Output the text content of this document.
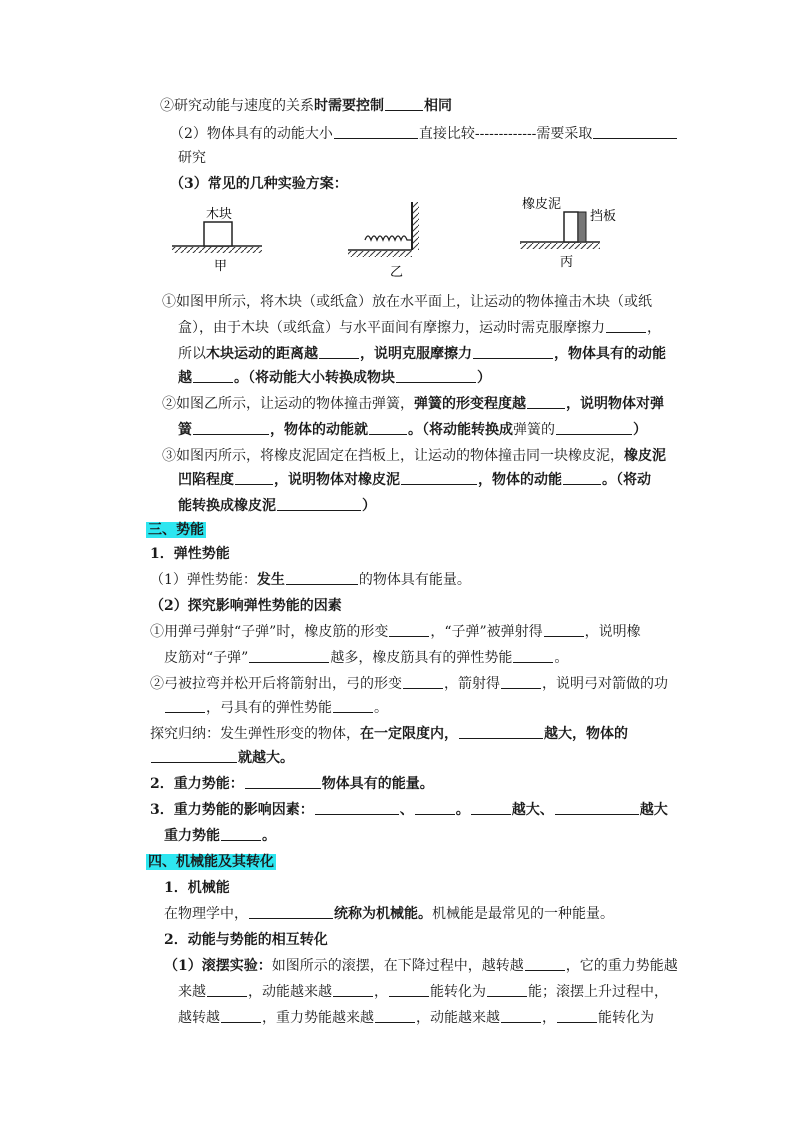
②研究动能与速度的关系时需要控制	相同
（2）物体具有的动能大小	直接比较-------------需要采取
研究
（3）常见的几种实验方案：
木块
甲	乙
橡皮泥
挡板
丙
①如图甲所示，将木块（或纸盒）放在水平面上，让运动的物体撞击木块（或纸
盒），由于木块（或纸盒）与水平面间有摩擦力，运动时需克服摩擦力	，
所以木块运动的距离越	，说明克服摩擦力	，物体具有的动能
越	。（将动能大小转换成物块	）
②如图乙所示，让运动的物体撞击弹簧，弹簧的形变程度越	，说明物体对弹
簧	，物体的动能就	。（将动能转换成弹簧的	）
③如图丙所示，将橡皮泥固定在挡板上，让运动的物体撞击同一块橡皮泥，橡皮泥
凹陷程度	，说明物体对橡皮泥	，物体的动能	。（将动
能转换成橡皮泥	）
三、势能
1．弹性势能
（1）弹性势能：发生	的物体具有能量。
（2）探究影响弹性势能的因素
①用弹弓弹射“子弹”时，橡皮筋的形变	，“子弹”被弹射得	，说明橡
皮筋对“子弹”	越多，橡皮筋具有的弹性势能	。
②弓被拉弯并松开后将箭射出，弓的形变	，箭射得	，说明弓对箭做的功
，弓具有的弹性势能	。
探究归纳：发生弹性形变的物体，在一定限度内，	越大，物体的
就越大。
2．重力势能：	物体具有的能量。
3．重力势能的影响因素：	、	。	越大、	越大
重力势能	。
四、机械能及其转化
1．机械能
在物理学中，	统称为机械能。机械能是最常见的一种能量。
2．动能与势能的相互转化
（1）滚摆实验：如图所示的滚摆，在下降过程中，越转越	，它的重力势能越
来越	，动能越来越	，	能转化为	能；滚摆上升过程中，
越转越	，重力势能越来越	，动能越来越	，	能转化为
